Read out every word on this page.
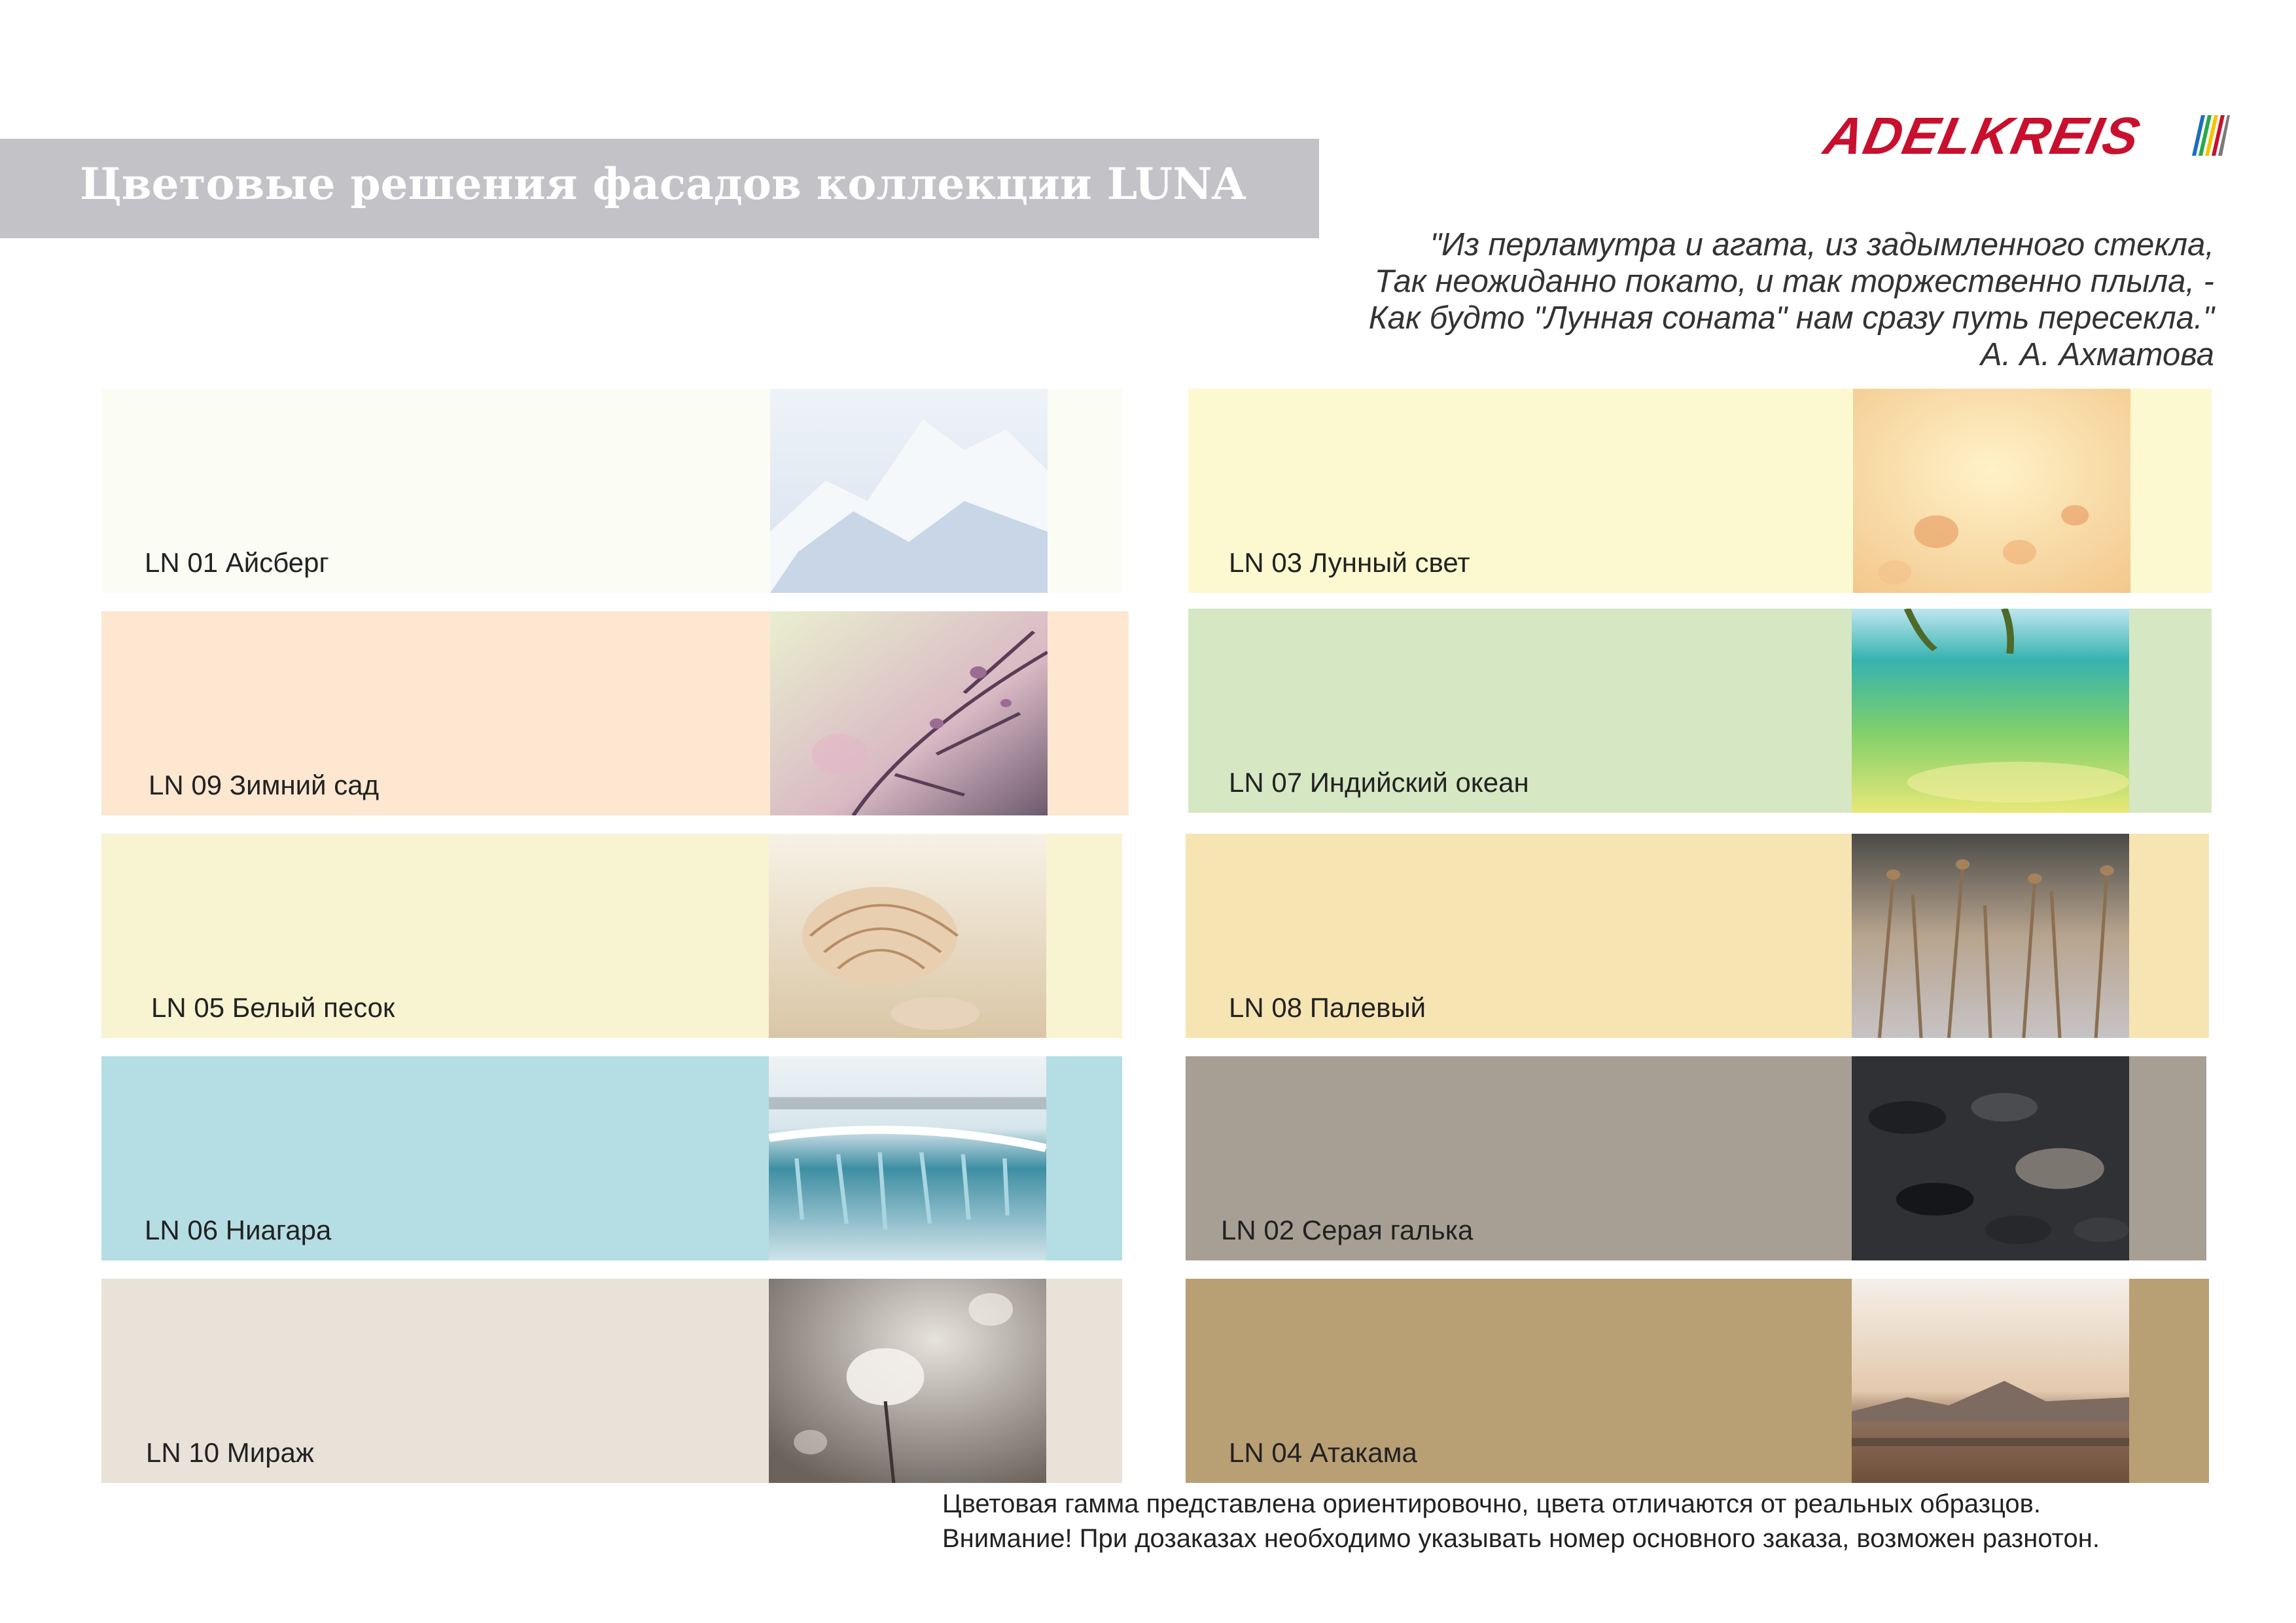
Цветовые решения фасадов коллекции LUNA
ADELKREIS
"Из перламутра и агата, из задымленного стекла,
Так неожиданно покато, и так торжественно плыла, -
Как будто "Лунная соната" нам сразу путь пересекла."
А. А. Ахматова
LN 01 Айсберг
LN 09 Зимний сад
LN 05 Белый песок
LN 06 Ниагара
LN 10 Мираж
LN 03 Лунный свет
LN 07 Индийский океан
LN 08 Палевый
LN 02 Серая галька
LN 04 Атакама
Цветовая гамма представлена ориентировочно, цвета отличаются от реальных образцов.
Внимание! При дозаказах необходимо указывать номер основного заказа, возможен разнотон.
